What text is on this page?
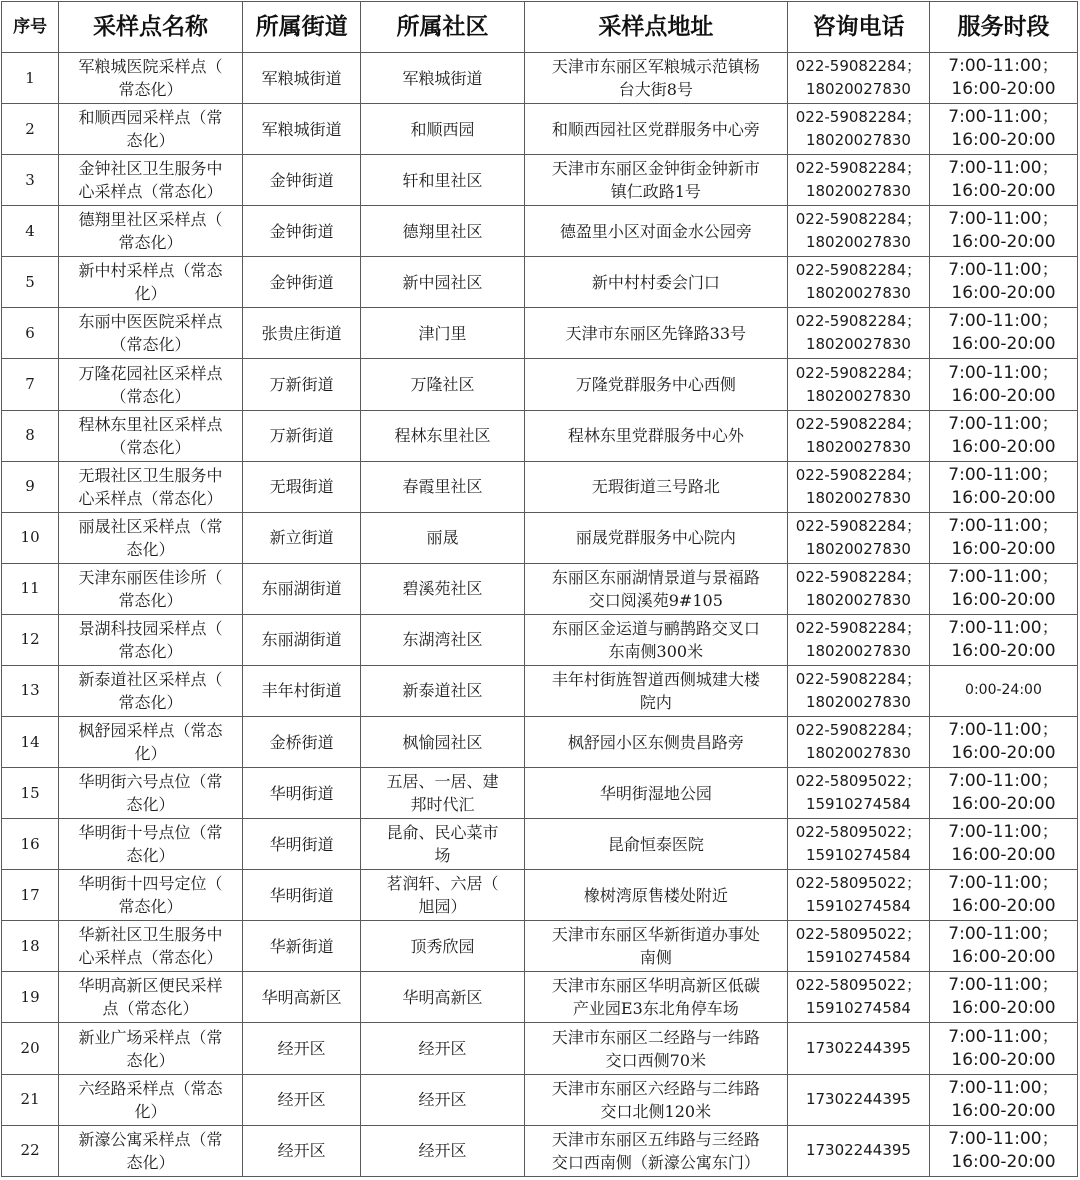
序号	采样点名称	所属街道	所属社区	采样点地址	咨询电话	服务时段
1	军粮城医院采样点（
常态化）	军粮城街道	军粮城街道	天津市东丽区军粮城示范镇杨
台大街8号	022-59082284；
18020027830	7:00-11:00；
16:00-20:00

2	和顺西园采样点（常
态化）	军粮城街道	和顺西园	和顺西园社区党群服务中心旁	022-59082284；
18020027830	7:00-11:00；
16:00-20:00

3	金钟社区卫生服务中
心采样点（常态化）	金钟街道	轩和里社区	天津市东丽区金钟街金钟新市
镇仁政路1号	022-59082284；
18020027830	7:00-11:00；
16:00-20:00

4	德翔里社区采样点（
常态化）	金钟街道	德翔里社区	德盈里小区对面金水公园旁	022-59082284；
18020027830	7:00-11:00；
16:00-20:00

5	新中村采样点（常态
化）	金钟街道	新中园社区	新中村村委会门口	022-59082284；
18020027830	7:00-11:00；
16:00-20:00

6	东丽中医医院采样点
（常态化）	张贵庄街道	津门里	天津市东丽区先锋路33号	022-59082284；
18020027830	7:00-11:00；
16:00-20:00

7	万隆花园社区采样点
（常态化）	万新街道	万隆社区	万隆党群服务中心西侧	022-59082284；
18020027830	7:00-11:00；
16:00-20:00

8	程林东里社区采样点
（常态化）	万新街道	程林东里社区	程林东里党群服务中心外	022-59082284；
18020027830	7:00-11:00；
16:00-20:00

9	无瑕社区卫生服务中
心采样点（常态化）	无瑕街道	春霞里社区	无瑕街道三号路北	022-59082284；
18020027830	7:00-11:00；
16:00-20:00

10	丽晟社区采样点（常
态化）	新立街道	丽晟	丽晟党群服务中心院内	022-59082284；
18020027830	7:00-11:00；
16:00-20:00

11	天津东丽医佳诊所（
常态化）	东丽湖街道	碧溪苑社区	东丽区东丽湖情景道与景福路
交口阅溪苑9#105	022-59082284；
18020027830	7:00-11:00；
16:00-20:00

12	景湖科技园采样点（
常态化）	东丽湖街道	东湖湾社区	东丽区金运道与鹂鹊路交叉口
东南侧300米	022-59082284；
18020027830	7:00-11:00；
16:00-20:00

13	新泰道社区采样点（
常态化）	丰年村街道	新泰道社区	丰年村街旌智道西侧城建大楼
院内	022-59082284；
18020027830	0:00-24:00
14	枫舒园采样点（常态
化）	金桥街道	枫愉园社区	枫舒园小区东侧贵昌路旁	022-59082284；
18020027830	7:00-11:00；
16:00-20:00

15	华明街六号点位（常
态化）	华明街道	五居、一居、建
邦时代汇	华明街湿地公园	022-58095022；
15910274584	7:00-11:00；
16:00-20:00

16	华明街十号点位（常
态化）	华明街道	昆俞、民心菜市
场	昆俞恒泰医院	022-58095022；
15910274584	7:00-11:00；
16:00-20:00

17	华明街十四号定位（
常态化）	华明街道	茗润轩、六居（
旭园）	橡树湾原售楼处附近	022-58095022；
15910274584	7:00-11:00；
16:00-20:00

18	华新社区卫生服务中
心采样点（常态化）	华新街道	顶秀欣园	天津市东丽区华新街道办事处
南侧	022-58095022；
15910274584	7:00-11:00；
16:00-20:00

19	华明高新区便民采样
点（常态化）	华明高新区	华明高新区	天津市东丽区华明高新区低碳
产业园E3东北角停车场	022-58095022；
15910274584	7:00-11:00；
16:00-20:00

20	新业广场采样点（常
态化）	经开区	经开区	天津市东丽区二经路与一纬路
交口西侧70米	17302244395	7:00-11:00；
16:00-20:00

21	六经路采样点（常态
化）	经开区	经开区	天津市东丽区六经路与二纬路
交口北侧120米	17302244395	7:00-11:00；
16:00-20:00

22	新濠公寓采样点（常
态化）	经开区	经开区	天津市东丽区五纬路与三经路
交口西南侧（新濠公寓东门）	17302244395	7:00-11:00；
16:00-20:00
